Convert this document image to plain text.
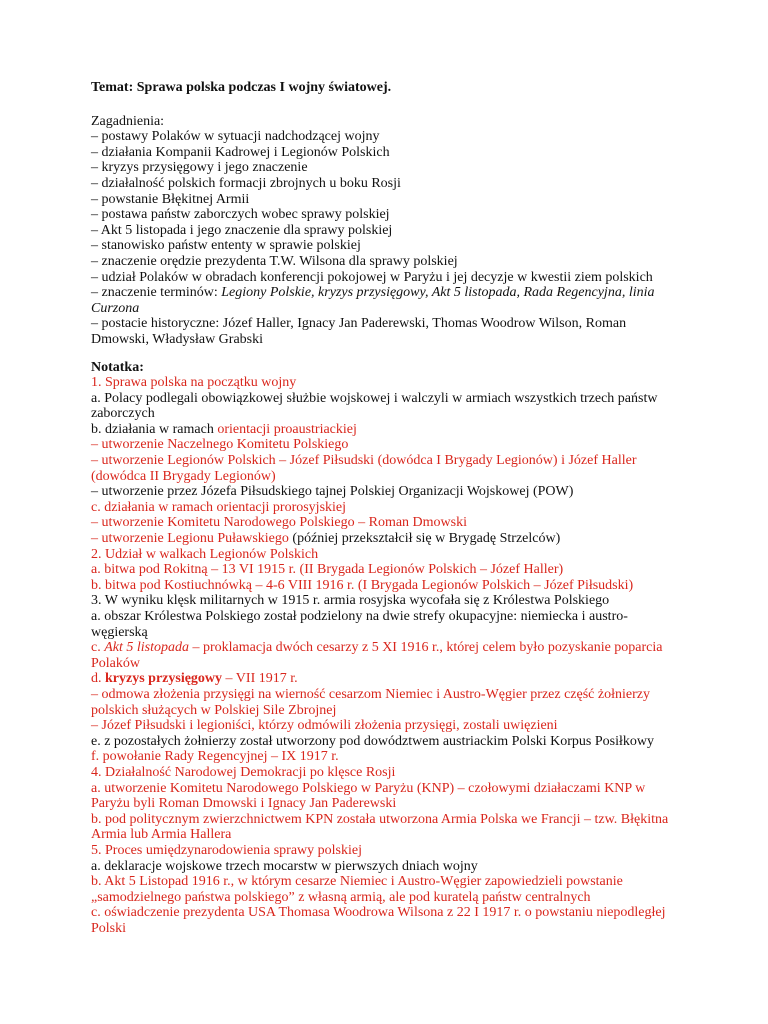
Temat: Sprawa polska podczas I wojny światowej.
Zagadnienia:
– postawy Polaków w sytuacji nadchodzącej wojny
– działania Kompanii Kadrowej i Legionów Polskich
– kryzys przysięgowy i jego znaczenie
– działalność polskich formacji zbrojnych u boku Rosji
– powstanie Błękitnej Armii
– postawa państw zaborczych wobec sprawy polskiej
– Akt 5 listopada i jego znaczenie dla sprawy polskiej
– stanowisko państw ententy w sprawie polskiej
– znaczenie orędzie prezydenta T.W. Wilsona dla sprawy polskiej
– udział Polaków w obradach konferencji pokojowej w Paryżu i jej decyzje w kwestii ziem polskich
– znaczenie terminów: Legiony Polskie, kryzys przysięgowy, Akt 5 listopada, Rada Regencyjna, linia Curzona
– postacie historyczne: Józef Haller, Ignacy Jan Paderewski, Thomas Woodrow Wilson, Roman Dmowski, Władysław Grabski
Notatka:
1. Sprawa polska na początku wojny
a. Polacy podlegali obowiązkowej służbie wojskowej i walczyli w armiach wszystkich trzech państw zaborczych
b. działania w ramach orientacji proaustriackiej
– utworzenie Naczelnego Komitetu Polskiego
– utworzenie Legionów Polskich – Józef Piłsudski (dowódca I Brygady Legionów) i Józef Haller (dowódca II Brygady Legionów)
– utworzenie przez Józefa Piłsudskiego tajnej Polskiej Organizacji Wojskowej (POW)
c. działania w ramach orientacji prorosyjskiej
– utworzenie Komitetu Narodowego Polskiego – Roman Dmowski
– utworzenie Legionu Puławskiego (później przekształcił się w Brygadę Strzelców)
2. Udział w walkach Legionów Polskich
a. bitwa pod Rokitną – 13 VI 1915 r. (II Brygada Legionów Polskich – Józef Haller)
b. bitwa pod Kostiuchnówką – 4-6 VIII 1916 r. (I Brygada Legionów Polskich – Józef Piłsudski)
3. W wyniku klęsk militarnych w 1915 r. armia rosyjska wycofała się z Królestwa Polskiego
a. obszar Królestwa Polskiego został podzielony na dwie strefy okupacyjne: niemiecka i austro-węgierską
c. Akt 5 listopada – proklamacja dwóch cesarzy z 5 XI 1916 r., której celem było pozyskanie poparcia Polaków
d. kryzys przysięgowy – VII 1917 r.
– odmowa złożenia przysięgi na wierność cesarzom Niemiec i Austro-Węgier przez część żołnierzy polskich służących w Polskiej Sile Zbrojnej
– Józef Piłsudski i legioniści, którzy odmówili złożenia przysięgi, zostali uwięzieni
e. z pozostałych żołnierzy został utworzony pod dowództwem austriackim Polski Korpus Posiłkowy
f. powołanie Rady Regencyjnej – IX 1917 r.
4. Działalność Narodowej Demokracji po klęsce Rosji
a. utworzenie Komitetu Narodowego Polskiego w Paryżu (KNP) – czołowymi działaczami KNP w Paryżu byli Roman Dmowski i Ignacy Jan Paderewski
b. pod politycznym zwierzchnictwem KPN została utworzona Armia Polska we Francji – tzw. Błękitna Armia lub Armia Hallera
5. Proces umiędzynarodowienia sprawy polskiej
a. deklaracje wojskowe trzech mocarstw w pierwszych dniach wojny
b. Akt 5 Listopad 1916 r., w którym cesarze Niemiec i Austro-Węgier zapowiedzieli powstanie „samodzielnego państwa polskiego” z własną armią, ale pod kuratelą państw centralnych
c. oświadczenie prezydenta USA Thomasa Woodrowa Wilsona z 22 I 1917 r. o powstaniu niepodległej Polski
